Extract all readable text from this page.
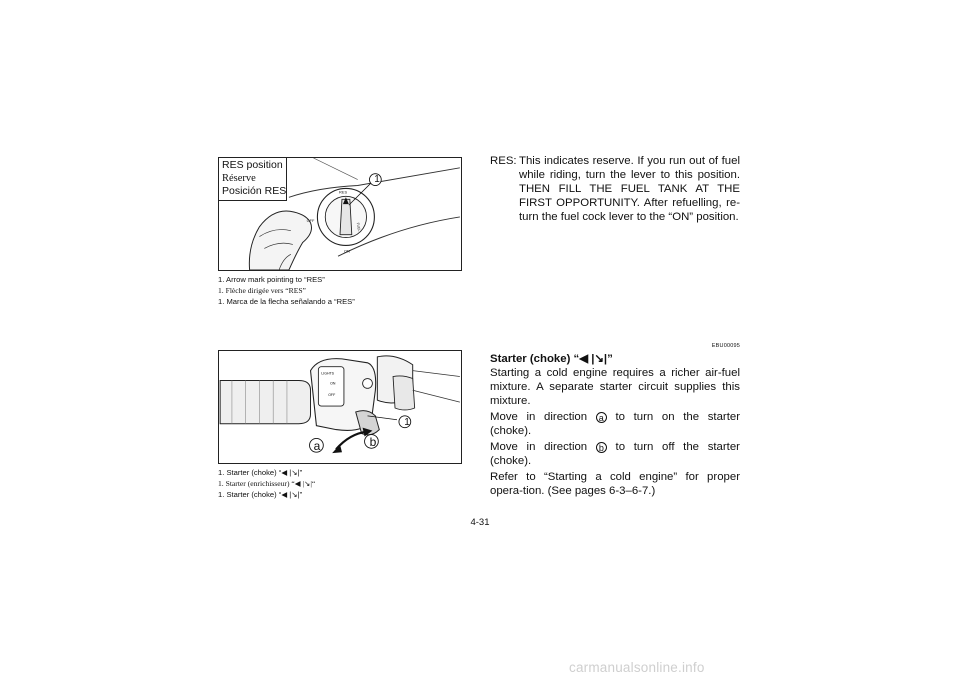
RES
OFF
ON
FUEL
1
RES position
Réserve
Posición RES
1. Arrow mark pointing to “RES”
1. Flèche dirigée vers “RES”
1. Marca de la flecha señalando a “RES”
LIGHTS
ON
OFF
1
a	b
1. Starter (choke) “◀ |↘|”
1. Starter (enrichisseur) “◀ |↘|“
1. Starter (choke) “◀ |↘|”
RES: This indicates reserve. If you run out of fuel while riding, turn the lever to this position. THEN FILL THE FUEL TANK AT THE FIRST OPPORTUNITY. After refuelling, re-turn the fuel cock lever to the “ON” position.
EBU00095
Starter (choke) “◀ |↘|”

Starting a cold engine requires a richer air-fuel mixture. A separate starter circuit supplies this mixture.

Move in direction a to turn on the starter (choke).

Move in direction b to turn off the starter (choke).

Refer to “Starting a cold engine” for proper opera-tion. (See pages 6-3–6-7.)

4-31
carmanualsonline.info
